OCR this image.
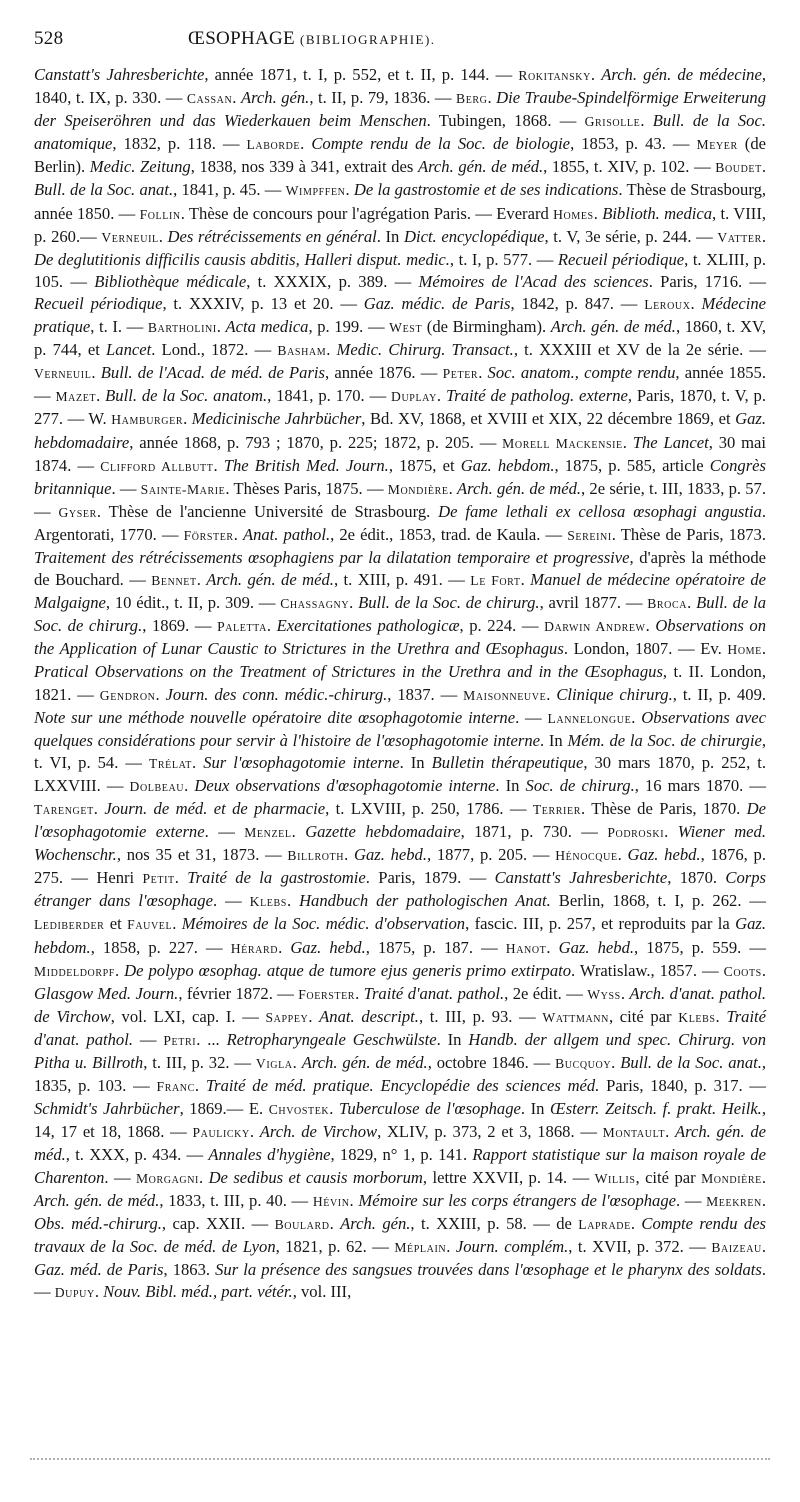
528	ŒSOPHAGE (BIBLIOGRAPHIE).

Canstatt's Jahresberichte, année 1871, t. I, p. 552, et t. II, p. 144. — Rokitansky. Arch. gén. de médecine, 1840, t. IX, p. 330. — Cassan. Arch. gén., t. II, p. 79, 1836. — Berg. Die Traube-Spindelförmige Erweiterung der Speiseröhren und das Wiederkauen beim Menschen. Tubingen, 1868. — Grisolle. Bull. de la Soc. anatomique, 1832, p. 118. — Laborde. Compte rendu de la Soc. de biologie, 1853, p. 43. — Meyer (de Berlin). Medic. Zeitung, 1838, nos 339 à 341, extrait des Arch. gén. de méd., 1855, t. XIV, p. 102. — Boudet. Bull. de la Soc. anat., 1841, p. 45. — Wimpffen. De la gastrostomie et de ses indications. Thèse de Strasbourg, année 1850. — Follin. Thèse de concours pour l'agrégation Paris. — Everard Homes. Biblioth. medica, t. VIII, p. 260.— Verneuil. Des rétrécissements en général. In Dict. encyclopédique, t. V, 3e série, p. 244. — Vatter. De deglutitionis difficilis causis abditis, Halleri disput. medic., t. I, p. 577. — Recueil périodique, t. XLIII, p. 105. — Bibliothèque médicale, t. XXXIX, p. 389. — Mémoires de l'Acad des sciences. Paris, 1716. — Recueil périodique, t. XXXIV, p. 13 et 20. — Gaz. médic. de Paris, 1842, p. 847. — Leroux. Médecine pratique, t. I. — Bartholini. Acta medica, p. 199. — West (de Birmingham). Arch. gén. de méd., 1860, t. XV, p. 744, et Lancet. Lond., 1872. — Basham. Medic. Chirurg. Transact., t. XXXIII et XV de la 2e série. — Verneuil. Bull. de l'Acad. de méd. de Paris, année 1876. — Peter. Soc. anatom., compte rendu, année 1855. — Mazet. Bull. de la Soc. anatom., 1841, p. 170. — Duplay. Traité de patholog. externe, Paris, 1870, t. V, p. 277. — W. Hamburger. Medicinische Jahrbücher, Bd. XV, 1868, et XVIII et XIX, 22 décembre 1869, et Gaz. hebdomadaire, année 1868, p. 793 ; 1870, p. 225; 1872, p. 205. — Morell Mackensie. The Lancet, 30 mai 1874. — Clifford Allbutt. The British Med. Journ., 1875, et Gaz. hebdom., 1875, p. 585, article Congrès britannique. — Sainte-Marie. Thèses Paris, 1875. — Mondière. Arch. gén. de méd., 2e série, t. III, 1833, p. 57. — Gyser. Thèse de l'ancienne Université de Strasbourg. De fame lethali ex cellosa œsophagi angustia. Argentorati, 1770. — Förster. Anat. pathol., 2e édit., 1853, trad. de Kaula. — Sereini. Thèse de Paris, 1873. Traitement des rétrécissements œsophagiens par la dilatation temporaire et progressive, d'après la méthode de Bouchard. — Bennet. Arch. gén. de méd., t. XIII, p. 491. — Le Fort. Manuel de médecine opératoire de Malgaigne, 10 édit., t. II, p. 309. — Chassagny. Bull. de la Soc. de chirurg., avril 1877. — Broca. Bull. de la Soc. de chirurg., 1869. — Paletta. Exercitationes pathologicæ, p. 224. — Darwin Andrew. Observations on the Application of Lunar Caustic to Strictures in the Urethra and Œsophagus. London, 1807. — Ev. Home. Pratical Observations on the Treatment of Strictures in the Urethra and in the Œsophagus, t. II. London, 1821. — Gendron. Journ. des conn. médic.-chirurg., 1837. — Maisonneuve. Clinique chirurg., t. II, p. 409. Note sur une méthode nouvelle opératoire dite œsophagotomie interne. — Lannelongue. Observations avec quelques considérations pour servir à l'histoire de l'œsophagotomie interne. In Mém. de la Soc. de chirurgie, t. VI, p. 54. — Trélat. Sur l'œsophagotomie interne. In Bulletin thérapeutique, 30 mars 1870, p. 252, t. LXXVIII. — Dolbeau. Deux observations d'œsophagotomie interne. In Soc. de chirurg., 16 mars 1870. — Tarenget. Journ. de méd. et de pharmacie, t. LXVIII, p. 250, 1786. — Terrier. Thèse de Paris, 1870. De l'œsophagotomie externe. — Menzel. Gazette hebdomadaire, 1871, p. 730. — Podroski. Wiener med. Wochenschr., nos 35 et 31, 1873. — Billroth. Gaz. hebd., 1877, p. 205. — Hénocque. Gaz. hebd., 1876, p. 275. — Henri Petit. Traité de la gastrostomie. Paris, 1879. — Canstatt's Jahresberichte, 1870. Corps étranger dans l'œsophage. — Klebs. Handbuch der pathologischen Anat. Berlin, 1868, t. I, p. 262. — Lediberder et Fauvel. Mémoires de la Soc. médic. d'observation, fascic. III, p. 257, et reproduits par la Gaz. hebdom., 1858, p. 227. — Hérard. Gaz. hebd., 1875, p. 187. — Hanot. Gaz. hebd., 1875, p. 559. — Middeldorpf. De polypo œsophag. atque de tumore ejus generis primo extirpato. Wratislaw., 1857. — Coots. Glasgow Med. Journ., février 1872. — Foerster. Traité d'anat. pathol., 2e édit. — Wyss. Arch. d'anat. pathol. de Virchow, vol. LXI, cap. I. — Sappey. Anat. descript., t. III, p. 93. — Wattmann, cité par Klebs. Traité d'anat. pathol. — Petri. ... Retropharyngeale Geschwülste. In Handb. der allgem und spec. Chirurg. von Pitha u. Billroth, t. III, p. 32. — Vigla. Arch. gén. de méd., octobre 1846. — Bucquoy. Bull. de la Soc. anat., 1835, p. 103. — Franc. Traité de méd. pratique. Encyclopédie des sciences méd. Paris, 1840, p. 317. — Schmidt's Jahrbücher, 1869.— E. Chvostek. Tuberculose de l'œsophage. In Œsterr. Zeitsch. f. prakt. Heilk., 14, 17 et 18, 1868. — Paulicky. Arch. de Virchow, XLIV, p. 373, 2 et 3, 1868. — Montault. Arch. gén. de méd., t. XXX, p. 434. — Annales d'hygiène, 1829, n° 1, p. 141. Rapport statistique sur la maison royale de Charenton. — Morgagni. De sedibus et causis morborum, lettre XXVII, p. 14. — Willis, cité par Mondière. Arch. gén. de méd., 1833, t. III, p. 40. — Hévin. Mémoire sur les corps étrangers de l'œsophage. — Meekren. Obs. méd.-chirurg., cap. XXII. — Boulard. Arch. gén., t. XXIII, p. 58. — de Laprade. Compte rendu des travaux de la Soc. de méd. de Lyon, 1821, p. 62. — Méplain. Journ. complém., t. XVII, p. 372. — Baizeau. Gaz. méd. de Paris, 1863. Sur la présence des sangsues trouvées dans l'œsophage et le pharynx des soldats. — Dupuy. Nouv. Bibl. méd., part. vétér., vol. III,
